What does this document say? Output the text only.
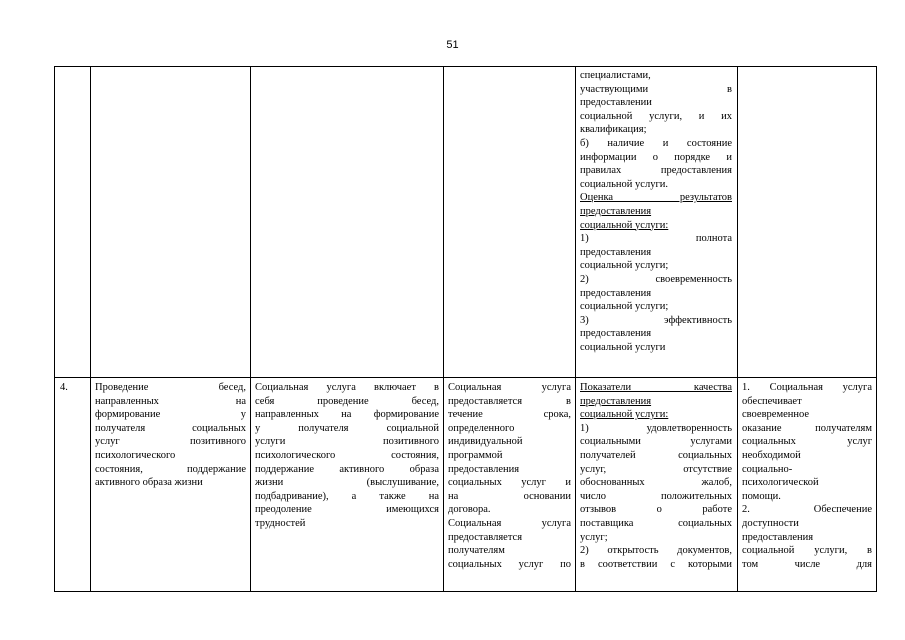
51
специалистами,
участвующими в
предоставлении
социальной услуги, и их
квалификация;
б) наличие и состояние
информации о порядке и
правилах предоставления
социальной услуги.
Оценка результатов
предоставления
социальной услуги:
1) полнота
предоставления
социальной услуги;
2) своевременность
предоставления
социальной услуги;
3) эффективность
предоставления
социальной услуги
4.	Проведение бесед,
направленных на
формирование у
получателя социальных
услуг позитивного
психологического
состояния, поддержание
активного образа жизни
Социальная услуга включает в
себя проведение бесед,
направленных на формирование
у получателя социальной
услуги позитивного
психологического состояния,
поддержание активного образа
жизни (выслушивание,
подбадривание), а также на
преодоление имеющихся
трудностей
Социальная услуга
предоставляется в
течение срока,
определенного
индивидуальной
программой
предоставления
социальных услуг и
на основании
договора.
Социальная услуга
предоставляется
получателям
социальных услуг по
Показатели качества
предоставления
социальной услуги:
1) удовлетворенность
социальными услугами
получателей социальных
услуг, отсутствие
обоснованных жалоб,
число положительных
отзывов о работе
поставщика социальных
услуг;
2) открытость документов,
в соответствии с которыми
1. Социальная услуга
обеспечивает
своевременное
оказание получателям
социальных услуг
необходимой
социально-
психологической
помощи.
2. Обеспечение
доступности
предоставления
социальной услуги, в
том числе для
